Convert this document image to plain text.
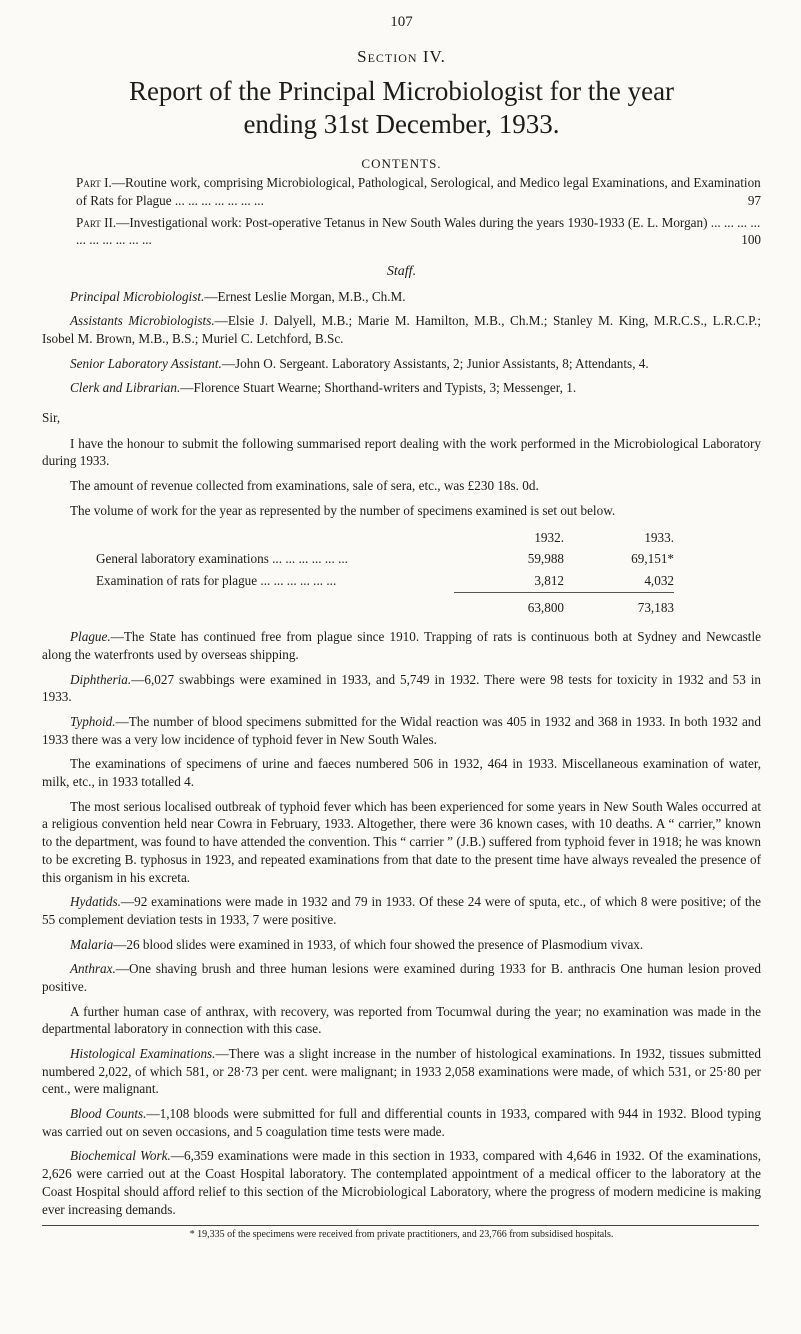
107
Section IV.
Report of the Principal Microbiologist for the year
ending 31st December, 1933.
CONTENTS.
Part I.—Routine work, comprising Microbiological, Pathological, Serological, and Medico legal Examinations, and Examination of Rats for Plague ... ... ... ... ... ... ...	97
Part II.—Investigational work: Post-operative Tetanus in New South Wales during the years 1930-1933 (E. L. Morgan) ... ... ... ... ... ... ... ... ... ...	100
Staff.

Principal Microbiologist.—Ernest Leslie Morgan, M.B., Ch.M.

Assistants Microbiologists.—Elsie J. Dalyell, M.B.; Marie M. Hamilton, M.B., Ch.M.; Stanley M. King, M.R.C.S., L.R.C.P.; Isobel M. Brown, M.B., B.S.; Muriel C. Letchford, B.Sc.

Senior Laboratory Assistant.—John O. Sergeant. Laboratory Assistants, 2; Junior Assistants, 8; Attendants, 4.

Clerk and Librarian.—Florence Stuart Wearne; Shorthand-writers and Typists, 3; Messenger, 1.

Sir,

I have the honour to submit the following summarised report dealing with the work performed in the Microbiological Laboratory during 1933.

The amount of revenue collected from examinations, sale of sera, etc., was £230 18s. 0d.

The volume of work for the year as represented by the number of specimens examined is set out below.

	1932.	1933.
General laboratory examinations ... ... ... ... ... ...	59,988	69,151*
Examination of rats for plague ... ... ... ... ... ...	3,812	4,032
	63,800	73,183

Plague.—The State has continued free from plague since 1910. Trapping of rats is continuous both at Sydney and Newcastle along the waterfronts used by overseas shipping.

Diphtheria.—6,027 swabbings were examined in 1933, and 5,749 in 1932. There were 98 tests for toxicity in 1932 and 53 in 1933.

Typhoid.—The number of blood specimens submitted for the Widal reaction was 405 in 1932 and 368 in 1933. In both 1932 and 1933 there was a very low incidence of typhoid fever in New South Wales.

The examinations of specimens of urine and faeces numbered 506 in 1932, 464 in 1933. Miscellaneous examination of water, milk, etc., in 1933 totalled 4.

The most serious localised outbreak of typhoid fever which has been experienced for some years in New South Wales occurred at a religious convention held near Cowra in February, 1933. Altogether, there were 36 known cases, with 10 deaths. A “ carrier,” known to the department, was found to have attended the convention. This “ carrier ” (J.B.) suffered from typhoid fever in 1918; he was known to be excreting B. typhosus in 1923, and repeated examinations from that date to the present time have always revealed the presence of this organism in his excreta.

Hydatids.—92 examinations were made in 1932 and 79 in 1933. Of these 24 were of sputa, etc., of which 8 were positive; of the 55 complement deviation tests in 1933, 7 were positive.

Malaria—26 blood slides were examined in 1933, of which four showed the presence of Plasmodium vivax.

Anthrax.—One shaving brush and three human lesions were examined during 1933 for B. anthracis One human lesion proved positive.

A further human case of anthrax, with recovery, was reported from Tocumwal during the year; no examination was made in the departmental laboratory in connection with this case.

Histological Examinations.—There was a slight increase in the number of histological examinations. In 1932, tissues submitted numbered 2,022, of which 581, or 28·73 per cent. were malignant; in 1933 2,058 examinations were made, of which 531, or 25·80 per cent., were malignant.

Blood Counts.—1,108 bloods were submitted for full and differential counts in 1933, compared with 944 in 1932. Blood typing was carried out on seven occasions, and 5 coagulation time tests were made.

Biochemical Work.—6,359 examinations were made in this section in 1933, compared with 4,646 in 1932. Of the examinations, 2,626 were carried out at the Coast Hospital laboratory. The contemplated appointment of a medical officer to the laboratory at the Coast Hospital should afford relief to this section of the Microbiological Laboratory, where the progress of modern medicine is making ever increasing demands.

* 19,335 of the specimens were received from private practitioners, and 23,766 from subsidised hospitals.
